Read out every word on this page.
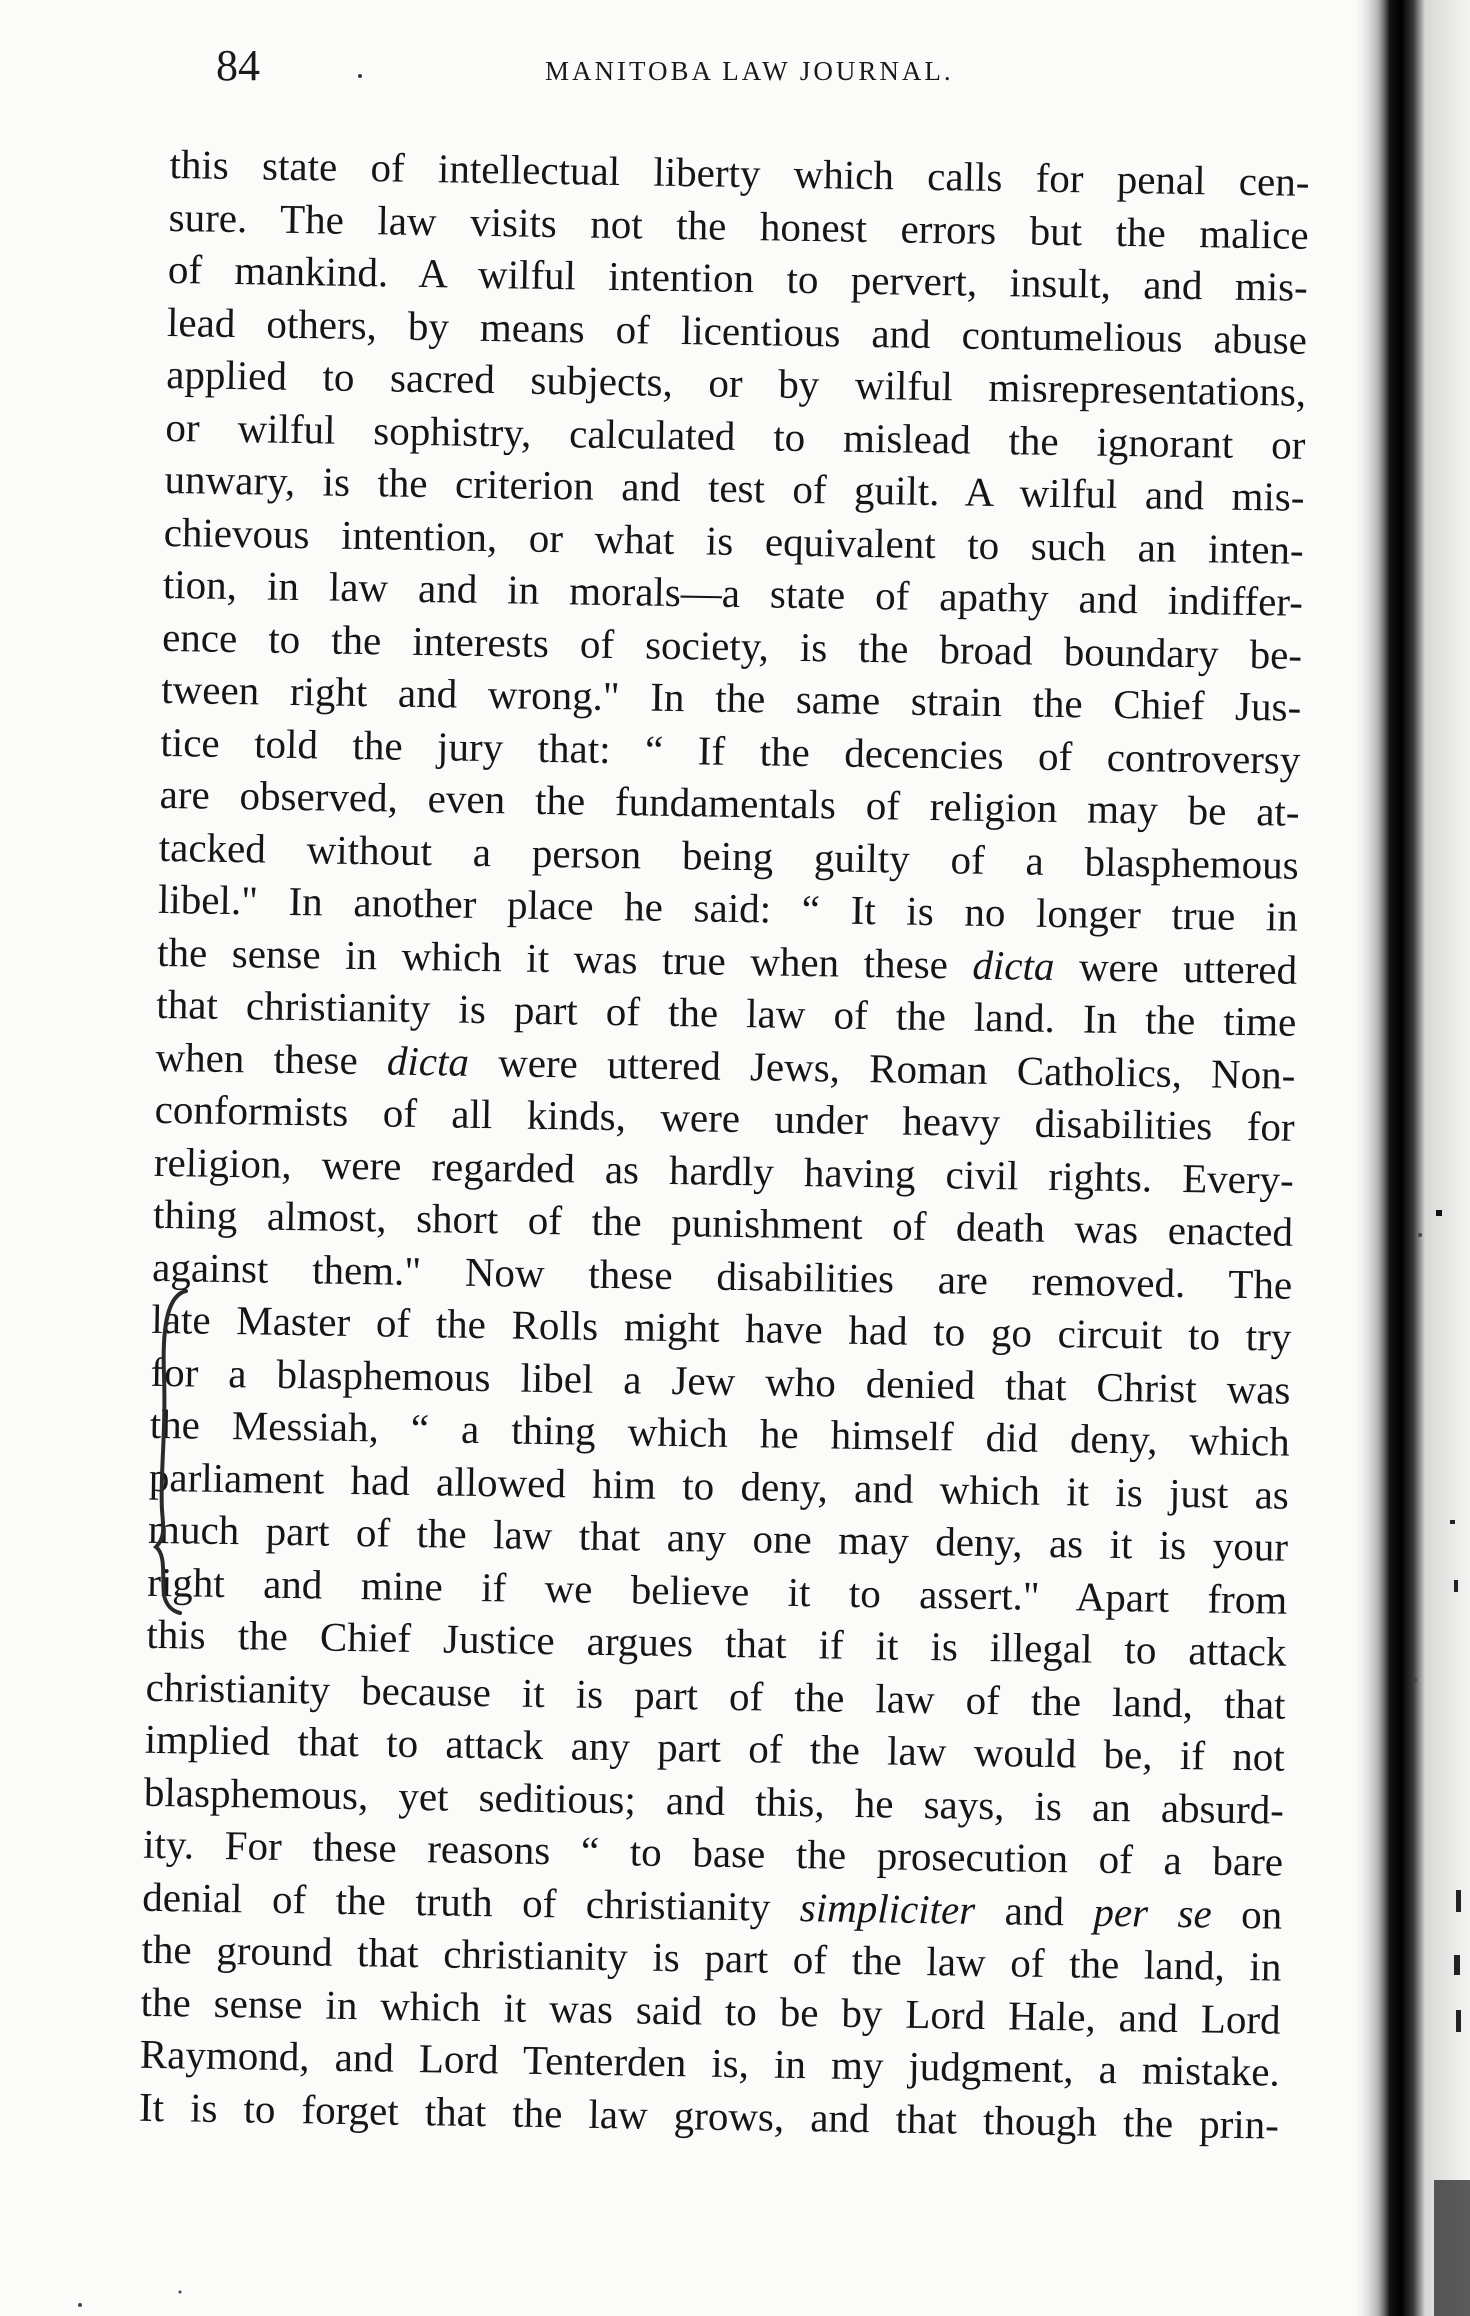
84	MANITOBA LAW JOURNAL.
this state of intellectual liberty which calls for penal cen-
sure. The law visits not the honest errors but the malice
of mankind. A wilful intention to pervert, insult, and mis-
lead others, by means of licentious and contumelious abuse
applied to sacred subjects, or by wilful misrepresentations,
or wilful sophistry, calculated to mislead the ignorant or
unwary, is the criterion and test of guilt. A wilful and mis-
chievous intention, or what is equivalent to such an inten-
tion, in law and in morals—a state of apathy and indiffer-
ence to the interests of society, is the broad boundary be-
tween right and wrong." In the same strain the Chief Jus-
tice told the jury that: “ If the decencies of controversy
are observed, even the fundamentals of religion may be at-
tacked without a person being guilty of a blasphemous
libel." In another place he said: “ It is no longer true in
the sense in which it was true when these dicta were uttered
that christianity is part of the law of the land. In the time
when these dicta were uttered Jews, Roman Catholics, Non-
conformists of all kinds, were under heavy disabilities for
religion, were regarded as hardly having civil rights. Every-
thing almost, short of the punishment of death was enacted
against them." Now these disabilities are removed. The
late Master of the Rolls might have had to go circuit to try
for a blasphemous libel a Jew who denied that Christ was
the Messiah, “ a thing which he himself did deny, which
parliament had allowed him to deny, and which it is just as
much part of the law that any one may deny, as it is your
right and mine if we believe it to assert." Apart from
this the Chief Justice argues that if it is illegal to attack
christianity because it is part of the law of the land, that
implied that to attack any part of the law would be, if not
blasphemous, yet seditious; and this, he says, is an absurd-
ity. For these reasons “ to base the prosecution of a bare
denial of the truth of christianity simpliciter and per se on
the ground that christianity is part of the law of the land, in
the sense in which it was said to be by Lord Hale, and Lord
Raymond, and Lord Tenterden is, in my judgment, a mistake.
It is to forget that the law grows, and that though the prin-
